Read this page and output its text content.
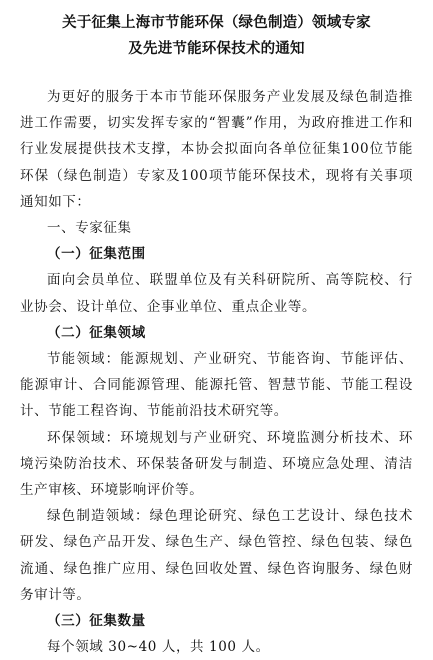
关于征集上海市节能环保（绿色制造）领域专家
及先进节能环保技术的通知

为更好的服务于本市节能环保服务产业发展及绿色制造推进工作需要，切实发挥专家的“智囊”作用，为政府推进工作和行业发展提供技术支撑，本协会拟面向各单位征集100位节能环保（绿色制造）专家及100项节能环保技术，现将有关事项通知如下：

一、专家征集
（一）征集范围

面向会员单位、联盟单位及有关科研院所、高等院校、行业协会、设计单位、企事业单位、重点企业等。

（二）征集领域

节能领域：能源规划、产业研究、节能咨询、节能评估、能源审计、合同能源管理、能源托管、智慧节能、节能工程设计、节能工程咨询、节能前沿技术研究等。

环保领域：环境规划与产业研究、环境监测分析技术、环境污染防治技术、环保装备研发与制造、环境应急处理、清洁生产审核、环境影响评价等。

绿色制造领域：绿色理论研究、绿色工艺设计、绿色技术研发、绿色产品开发、绿色生产、绿色管控、绿色包装、绿色流通、绿色推广应用、绿色回收处置、绿色咨询服务、绿色财务审计等。

（三）征集数量

每个领域 30~40 人，共 100 人。
